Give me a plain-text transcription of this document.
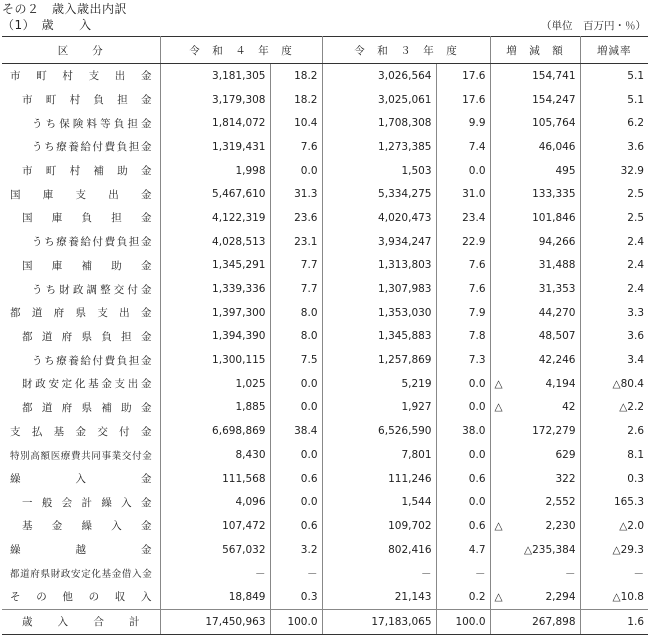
その２　歳入歳出内訳
（1）　歳　　入	（単位　百万円・％）
区　　分	令　和　４　年　度		令　和　３　年　度		増　減　額	増減率

市町村支出金	3,181,305	18.2	3,026,564	17.6	154,741	5.1

市町村負担金	3,179,308	18.2	3,025,061	17.6	154,247	5.1

うち保険料等負担金	1,814,072	10.4	1,708,308	9.9	105,764	6.2

うち療養給付費負担金	1,319,431	7.6	1,273,385	7.4	46,046	3.6

市町村補助金	1,998	0.0	1,503	0.0	495	32.9

国庫支出金	5,467,610	31.3	5,334,275	31.0	133,335	2.5

国庫負担金	4,122,319	23.6	4,020,473	23.4	101,846	2.5

うち療養給付費負担金	4,028,513	23.1	3,934,247	22.9	94,266	2.4

国庫補助金	1,345,291	7.7	1,313,803	7.6	31,488	2.4

うち財政調整交付金	1,339,336	7.7	1,307,983	7.6	31,353	2.4

都道府県支出金	1,397,300	8.0	1,353,030	7.9	44,270	3.3

都道府県負担金	1,394,390	8.0	1,345,883	7.8	48,507	3.6

うち療養給付費負担金	1,300,115	7.5	1,257,869	7.3	42,246	3.4

財政安定化基金支出金	1,025	0.0	5,219	0.0	△ 4,194	△ 80.4

都道府県補助金	1,885	0.0	1,927	0.0	△ 42	△ 2.2

支払基金交付金	6,698,869	38.4	6,526,590	38.0	172,279	2.6

特別高額医療費共同事業交付金	8,430	0.0	7,801	0.0	629	8.1

繰入金	111,568	0.6	111,246	0.6	322	0.3

一般会計繰入金	4,096	0.0	1,544	0.0	2,552	165.3

基金繰入金	107,472	0.6	109,702	0.6	△ 2,230	△ 2.0

繰越金	567,032	3.2	802,416	4.7	△ 235,384	△ 29.3

都道府県財政安定化基金借入金	－	－	－	－	－	－

その他の収入	18,849	0.3	21,143	0.2	△ 2,294	△ 10.8

歳入合計	17,450,963	100.0	17,183,065	100.0	267,898	1.6
